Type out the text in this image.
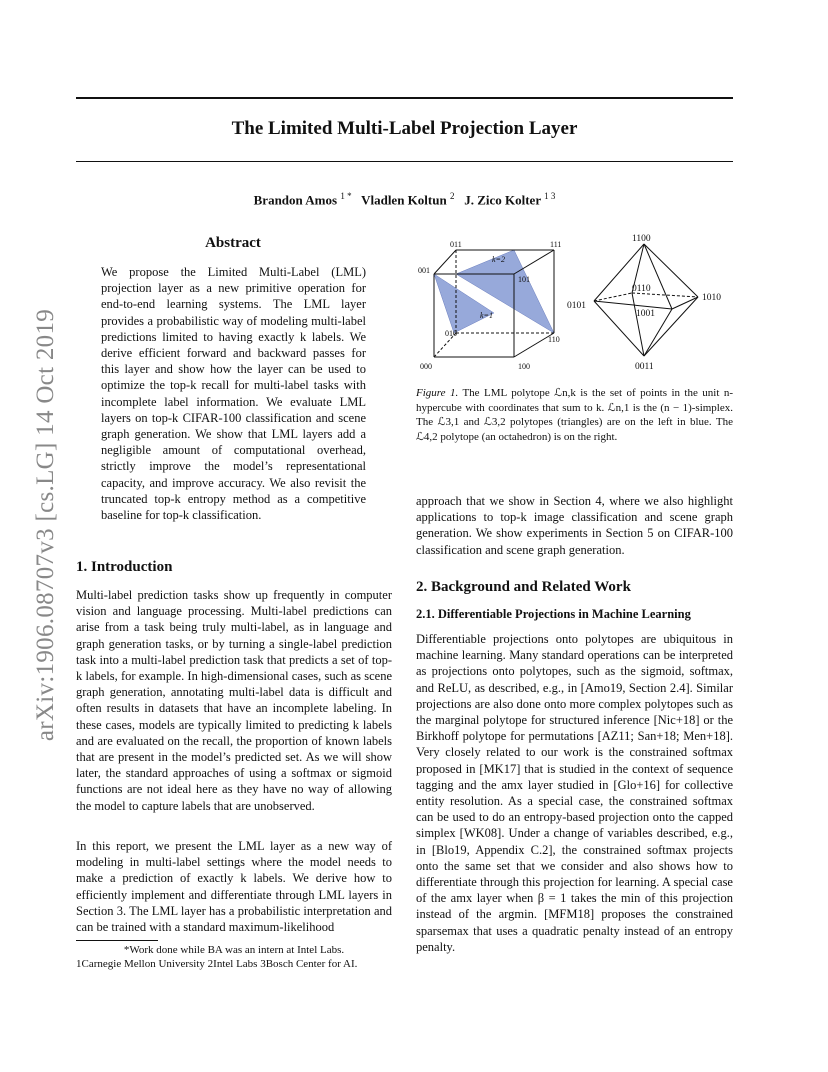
arXiv:1906.08707v3 [cs.LG] 14 Oct 2019
The Limited Multi-Label Projection Layer
Brandon Amos $^{1 *}$ Vladlen Koltun $^2$ J. Zico Kolter $^{1 3}$
Abstract

We propose the Limited Multi-Label (LML) projection layer as a new primitive operation for end-to-end learning systems. The LML layer provides a probabilistic way of modeling multi-label predictions limited to having exactly k labels. We derive efficient forward and backward passes for this layer and show how the layer can be used to optimize the top-k recall for multi-label tasks with incomplete label information. We evaluate LML layers on top-k CIFAR-100 classification and scene graph generation. We show that LML layers add a negligible amount of computational overhead, strictly improve the model’s representational capacity, and improve accuracy. We also revisit the truncated top-k entropy method as a competitive baseline for top-k classification.

1. Introduction

Multi-label prediction tasks show up frequently in computer vision and language processing. Multi-label predictions can arise from a task being truly multi-label, as in language and graph generation tasks, or by turning a single-label prediction task into a multi-label prediction task that predicts a set of top-k labels, for example. In high-dimensional cases, such as scene graph generation, annotating multi-label data is difficult and often results in datasets that have an incomplete labeling. In these cases, models are typically limited to predicting k labels and are evaluated on the recall, the proportion of known labels that are present in the model’s predicted set. As we will show later, the standard approaches of using a softmax or sigmoid functions are not ideal here as they have no way of allowing the model to capture labels that are unobserved.

In this report, we present the LML layer as a new way of modeling in multi-label settings where the model needs to make a prediction of exactly k labels. We derive how to efficiently implement and differentiate through LML layers in Section 3. The LML layer has a probabilistic interpretation and can be trained with a standard maximum-likelihood

*Work done while BA was an intern at Intel Labs.
1Carnegie Mellon University 2Intel Labs 3Bosch Center for AI.

011	111
001
101
010
110
000	100
k=2
k=1
1100
0110
1010
0101
1001
0011

Figure 1. The LML polytope ℒn,k is the set of points in the unit n-hypercube with coordinates that sum to k. ℒn,1 is the (n − 1)-simplex. The ℒ3,1 and ℒ3,2 polytopes (triangles) are on the left in blue. The ℒ4,2 polytope (an octahedron) is on the right.

approach that we show in Section 4, where we also highlight applications to top-k image classification and scene graph generation. We show experiments in Section 5 on CIFAR-100 classification and scene graph generation.

2. Background and Related Work
2.1. Differentiable Projections in Machine Learning

Differentiable projections onto polytopes are ubiquitous in machine learning. Many standard operations can be interpreted as projections onto polytopes, such as the sigmoid, softmax, and ReLU, as described, e.g., in [Amo19, Section 2.4]. Similar projections are also done onto more complex polytopes such as the marginal polytope for structured inference [Nic+18] or the Birkhoff polytope for permutations [AZ11; San+18; Men+18]. Very closely related to our work is the constrained softmax proposed in [MK17] that is studied in the context of sequence tagging and the amx layer studied in [Glo+16] for collective entity resolution. As a special case, the constrained softmax can be used to do an entropy-based projection onto the capped simplex [WK08]. Under a change of variables described, e.g., in [Blo19, Appendix C.2], the constrained softmax projects onto the same set that we consider and also shows how to differentiate through this projection for learning. A special case of the amx layer when β = 1 takes the min of this projection instead of the argmin. [MFM18] proposes the constrained sparsemax that uses a quadratic penalty instead of an entropy penalty.
